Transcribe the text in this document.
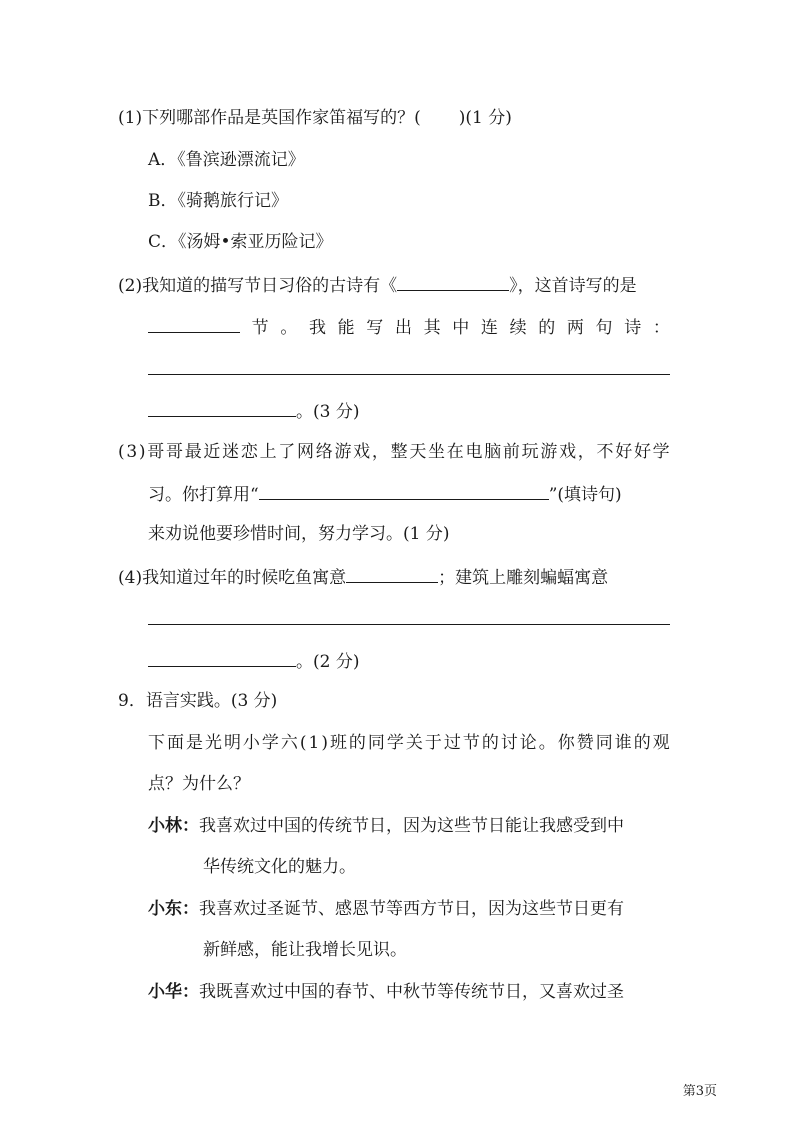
(1)下列哪部作品是英国作家笛福写的？( )(1 分)
A．《鲁滨逊漂流记》
B．《骑鹅旅行记》
C．《汤姆•索亚历险记》
(2)我知道的描写节日习俗的古诗有《	》，这首诗写的是
节 。 我 能 写 出 其 中 连 续 的 两 句 诗 ：
。(3 分)
( 3 ) 哥 哥 最 近 迷 恋 上 了 网 络 游 戏 ， 整 天 坐 在 电 脑 前 玩 游 戏 ， 不 好 好 学
习。你打算用“	”(填诗句)
来劝说他要珍惜时间，努力学习。(1 分)
(4)我知道过年的时候吃鱼寓意	；建筑上雕刻蝙蝠寓意
。(2 分)
9．语言实践。(3 分)
下 面 是 光 明 小 学 六 ( 1 ) 班 的 同 学 关 于 过 节 的 讨 论 。 你 赞 同 谁 的 观
点？为什么？
小林：我喜欢过中国的传统节日，因为这些节日能让我感受到中
华传统文化的魅力。
小东：我喜欢过圣诞节、感恩节等西方节日，因为这些节日更有
新鲜感，能让我增长见识。
小华：我既喜欢过中国的春节、中秋节等传统节日，又喜欢过圣
第3页
